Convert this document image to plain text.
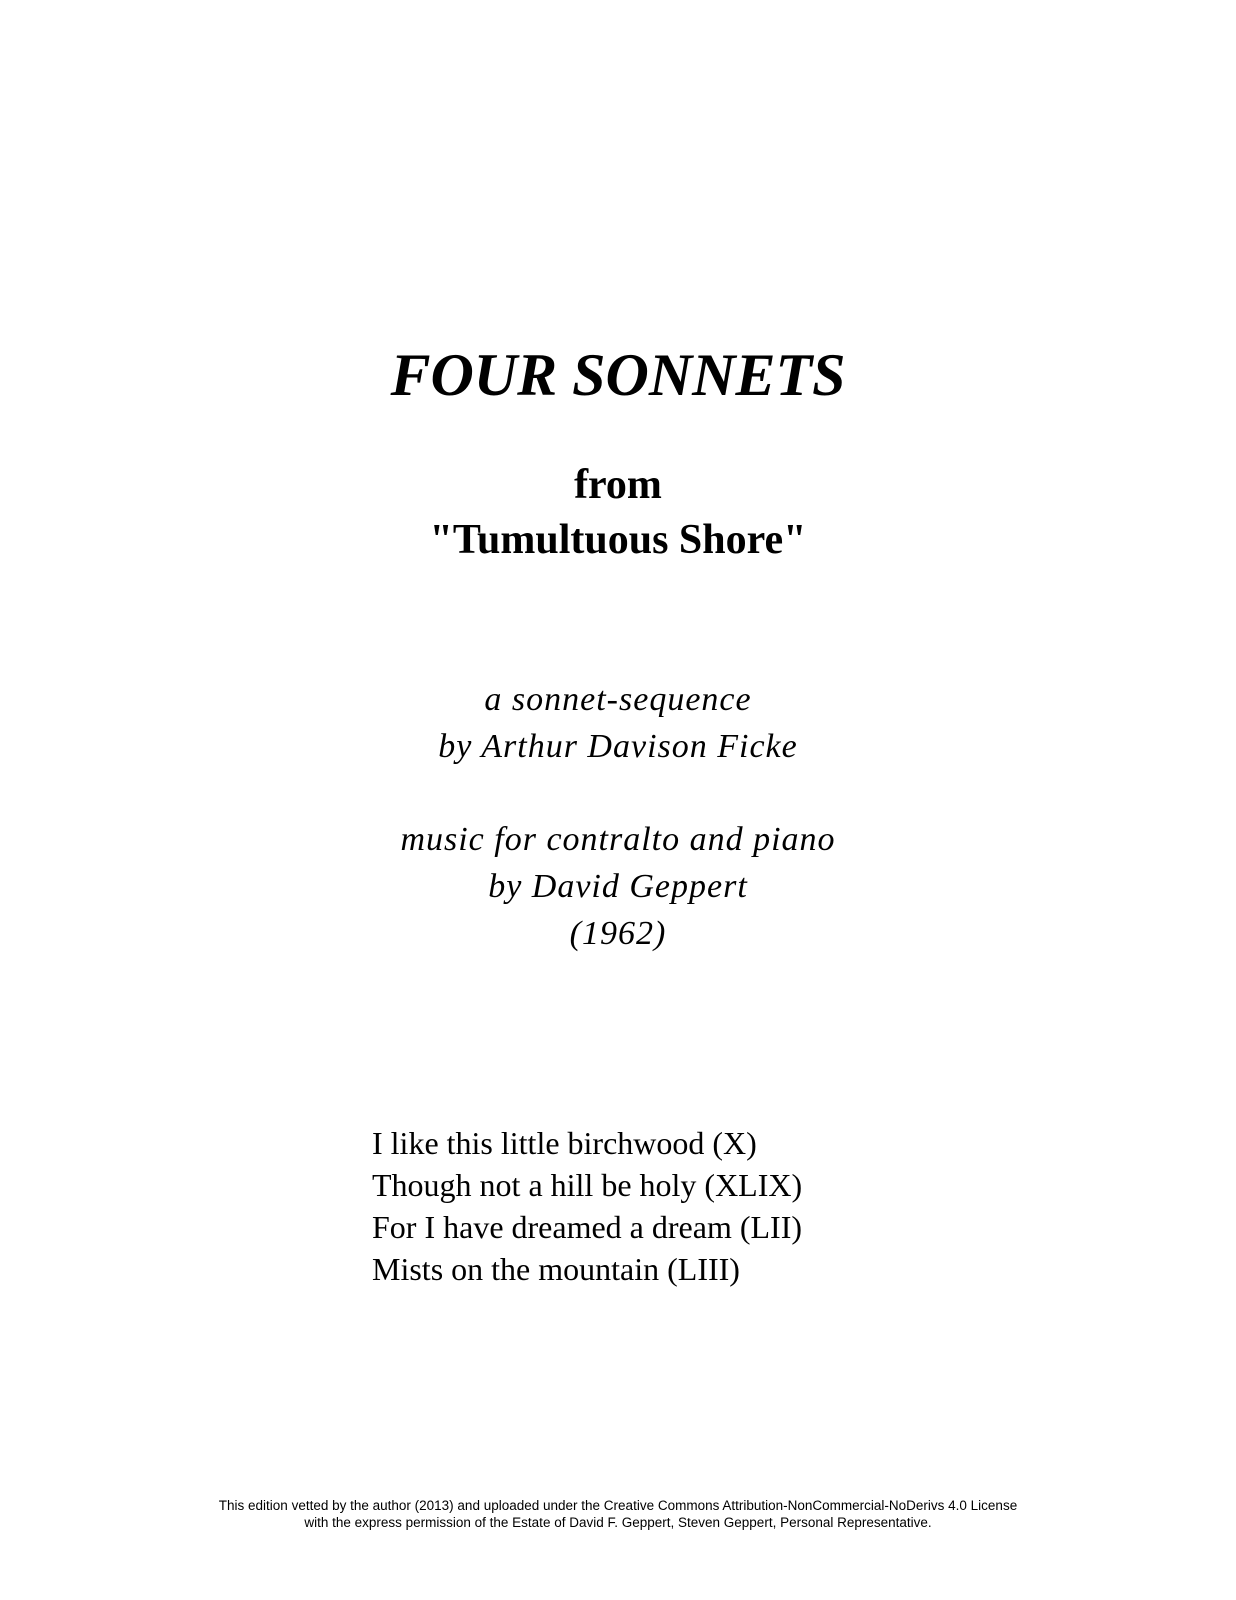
FOUR SONNETS
from
"Tumultuous Shore"
a sonnet-sequence
by Arthur Davison Ficke
music for contralto and piano
by David Geppert
(1962)
I like this little birchwood (X)
Though not a hill be holy (XLIX)
For I have dreamed a dream (LII)
Mists on the mountain (LIII)
This edition vetted by the author (2013) and uploaded under the Creative Commons Attribution-NonCommercial-NoDerivs 4.0 License
with the express permission of the Estate of David F. Geppert, Steven Geppert, Personal Representative.
